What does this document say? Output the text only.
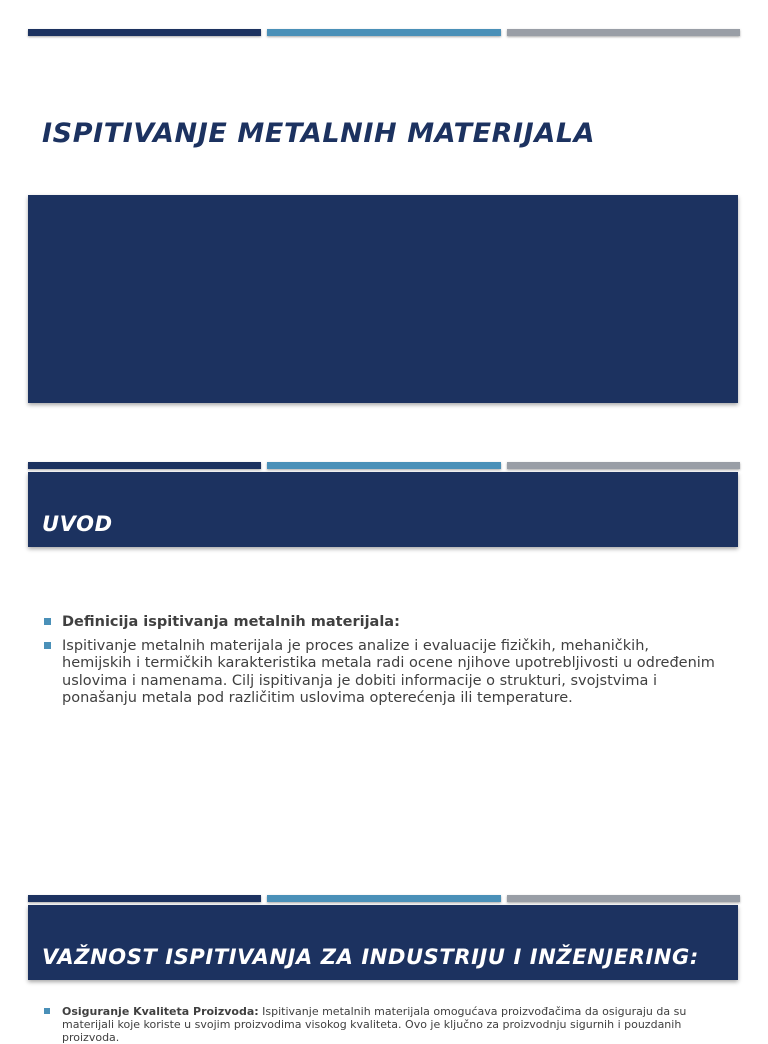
ISPITIVANJE METALNIH MATERIJALA
UVOD
Definicija ispitivanja metalnih materijala:
Ispitivanje metalnih materijala je proces analize i evaluacije fizičkih, mehaničkih, hemijskih i termičkih karakteristika metala radi ocene njihove upotrebljivosti u određenim uslovima i namenama. Cilj ispitivanja je dobiti informacije o strukturi, svojstvima i ponašanju metala pod različitim uslovima opterećenja ili temperature.
VAŽNOST ISPITIVANJA ZA INDUSTRIJU I INŽENJERING:
Osiguranje Kvaliteta Proizvoda: Ispitivanje metalnih materijala omogućava proizvođačima da osiguraju da su materijali koje koriste u svojim proizvodima visokog kvaliteta. Ovo je ključno za proizvodnju sigurnih i pouzdanih proizvoda.
